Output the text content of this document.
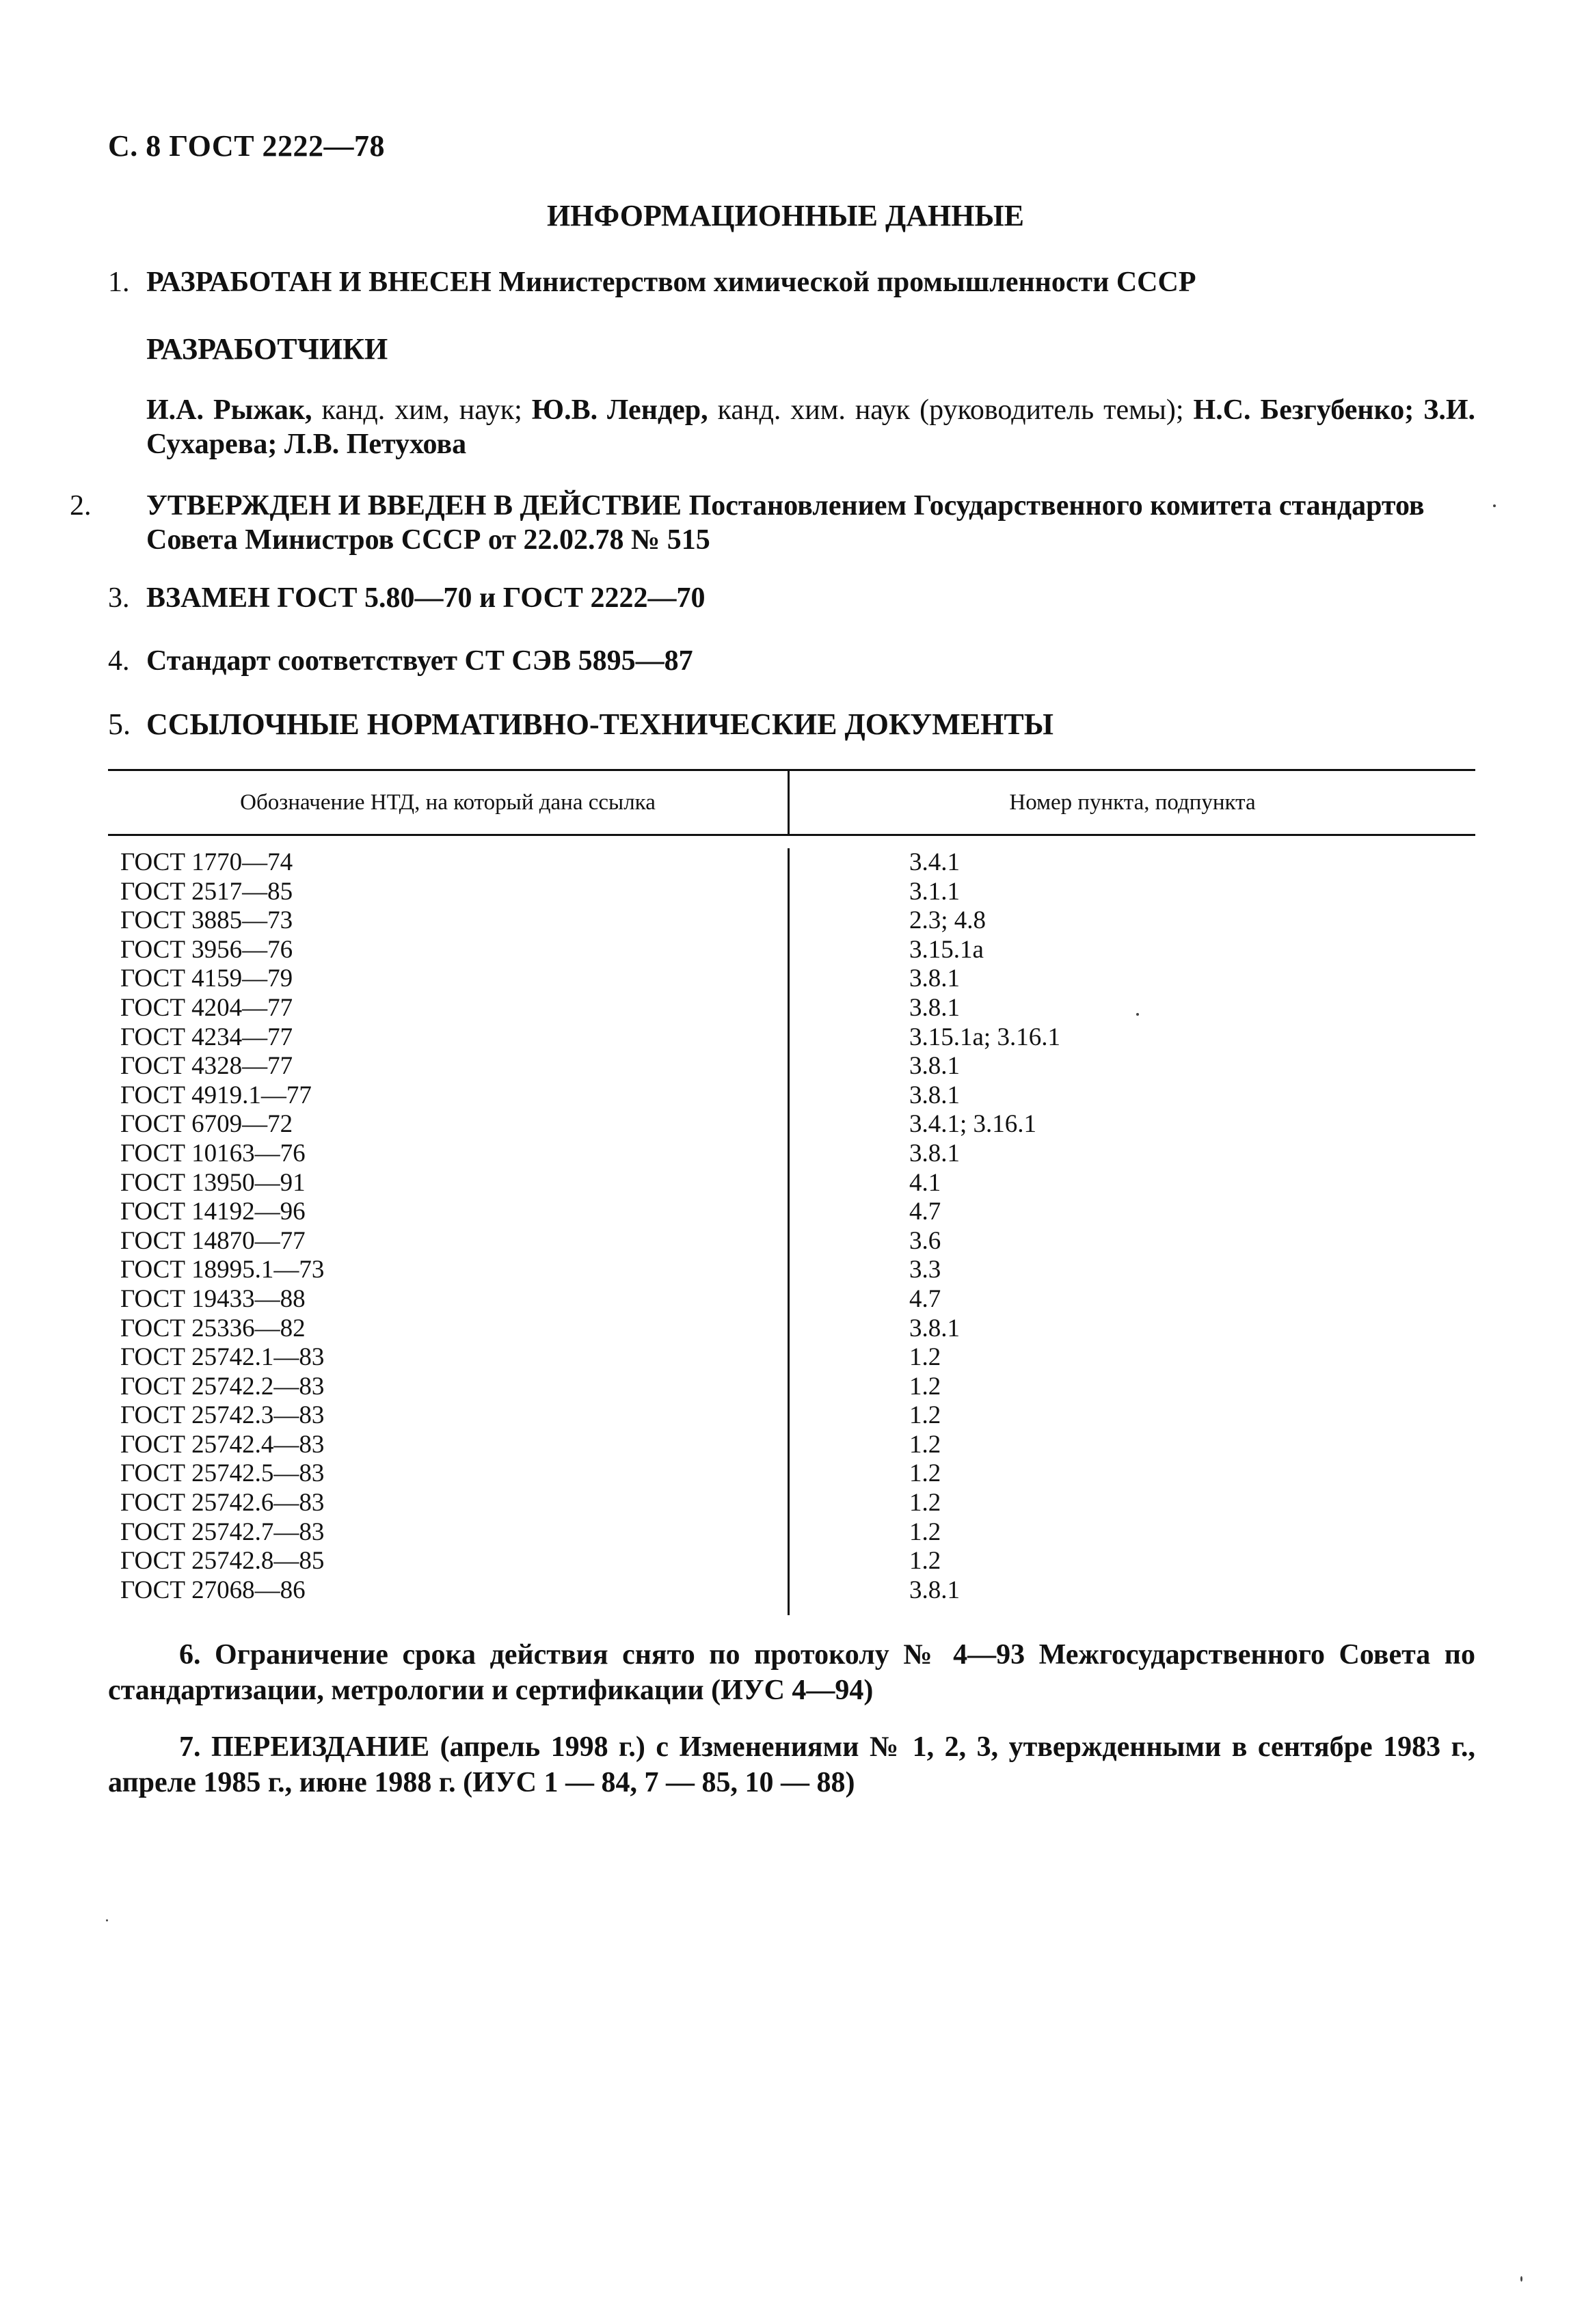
С. 8 ГОСТ 2222—78
ИНФОРМАЦИОННЫЕ ДАННЫЕ
1. РАЗРАБОТАН И ВНЕСЕН Министерством химической промышленности СССР
РАЗРАБОТЧИКИ
И.А. Рыжак, канд. хим, наук; Ю.В. Лендер, канд. хим. наук (руководитель темы); Н.С. Безгубенко; З.И. Сухарева; Л.В. Петухова
2. УТВЕРЖДЕН И ВВЕДЕН В ДЕЙСТВИЕ Постановлением Государственного комитета стандартов Совета Министров СССР от 22.02.78 № 515
3. ВЗАМЕН ГОСТ 5.80—70 и ГОСТ 2222—70
4. Стандарт соответствует СТ СЭВ 5895—87
5. ССЫЛОЧНЫЕ НОРМАТИВНО-ТЕХНИЧЕСКИЕ ДОКУМЕНТЫ
Обозначение НТД, на который дана ссылка	Номер пункта, подпункта
ГОСТ 1770—74
ГОСТ 2517—85
ГОСТ 3885—73
ГОСТ 3956—76
ГОСТ 4159—79
ГОСТ 4204—77
ГОСТ 4234—77
ГОСТ 4328—77
ГОСТ 4919.1—77
ГОСТ 6709—72
ГОСТ 10163—76
ГОСТ 13950—91
ГОСТ 14192—96
ГОСТ 14870—77
ГОСТ 18995.1—73
ГОСТ 19433—88
ГОСТ 25336—82
ГОСТ 25742.1—83
ГОСТ 25742.2—83
ГОСТ 25742.3—83
ГОСТ 25742.4—83
ГОСТ 25742.5—83
ГОСТ 25742.6—83
ГОСТ 25742.7—83
ГОСТ 25742.8—85
ГОСТ 27068—86
3.4.1
3.1.1
2.3; 4.8
3.15.1а
3.8.1
3.8.1
3.15.1а; 3.16.1
3.8.1
3.8.1
3.4.1; 3.16.1
3.8.1
4.1
4.7
3.6
3.3
4.7
3.8.1
1.2
1.2
1.2
1.2
1.2
1.2
1.2
1.2
3.8.1
6. Ограничение срока действия снято по протоколу № 4—93 Межгосударственного Совета по стандартизации, метрологии и сертификации (ИУС 4—94)
7. ПЕРЕИЗДАНИЕ (апрель 1998 г.) с Изменениями № 1, 2, 3, утвержденными в сентябре 1983 г., апреле 1985 г., июне 1988 г. (ИУС 1 — 84, 7 — 85, 10 — 88)
